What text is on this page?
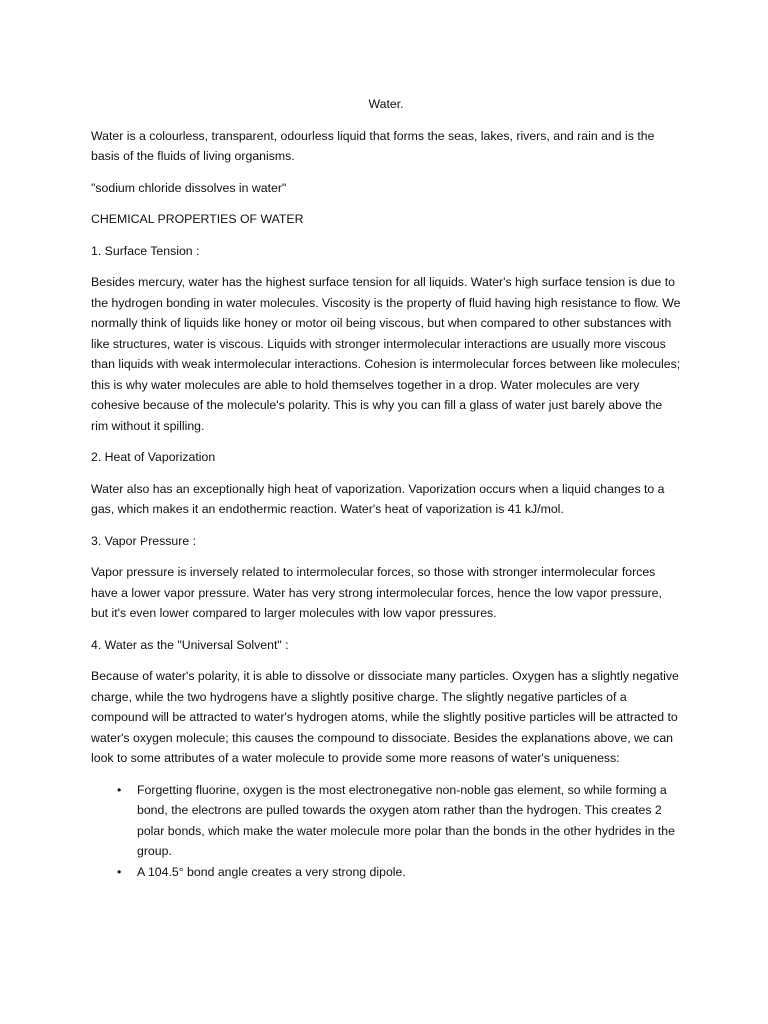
Water.

Water is a colourless, transparent, odourless liquid that forms the seas, lakes, rivers, and rain and is the basis of the fluids of living organisms.

"sodium chloride dissolves in water"

CHEMICAL PROPERTIES OF WATER

1. Surface Tension :

Besides mercury, water has the highest surface tension for all liquids. Water's high surface tension is due to the hydrogen bonding in water molecules. Viscosity is the property of fluid having high resistance to flow. We normally think of liquids like honey or motor oil being viscous, but when compared to other substances with like structures, water is viscous. Liquids with stronger intermolecular interactions are usually more viscous than liquids with weak intermolecular interactions. Cohesion is intermolecular forces between like molecules; this is why water molecules are able to hold themselves together in a drop. Water molecules are very cohesive because of the molecule's polarity. This is why you can fill a glass of water just barely above the rim without it spilling.

2. Heat of Vaporization

Water also has an exceptionally high heat of vaporization. Vaporization occurs when a liquid changes to a gas, which makes it an endothermic reaction. Water's heat of vaporization is 41 kJ/mol.

3. Vapor Pressure :

Vapor pressure is inversely related to intermolecular forces, so those with stronger intermolecular forces have a lower vapor pressure. Water has very strong intermolecular forces, hence the low vapor pressure, but it's even lower compared to larger molecules with low vapor pressures.

4. Water as the "Universal Solvent" :

Because of water's polarity, it is able to dissolve or dissociate many particles. Oxygen has a slightly negative charge, while the two hydrogens have a slightly positive charge. The slightly negative particles of a compound will be attracted to water's hydrogen atoms, while the slightly positive particles will be attracted to water's oxygen molecule; this causes the compound to dissociate. Besides the explanations above, we can look to some attributes of a water molecule to provide some more reasons of water's uniqueness:

• Forgetting fluorine, oxygen is the most electronegative non-noble gas element, so while forming a bond, the electrons are pulled towards the oxygen atom rather than the hydrogen. This creates 2 polar bonds, which make the water molecule more polar than the bonds in the other hydrides in the group.
• A 104.5° bond angle creates a very strong dipole.
